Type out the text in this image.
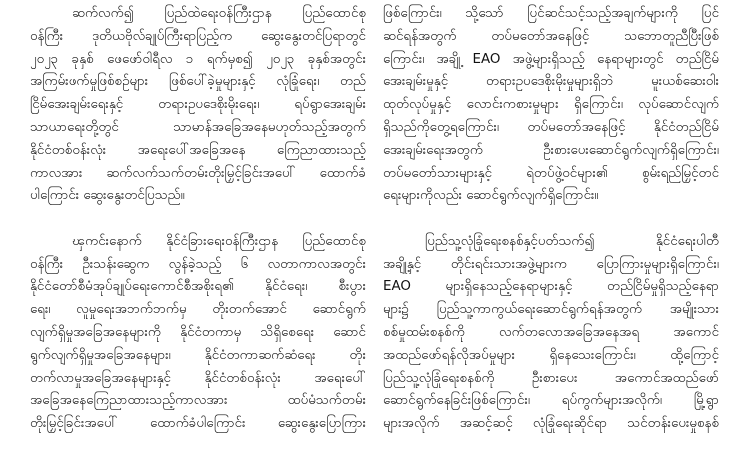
ဆက်လက်၍ ပြည်ထဲရေးဝန်ကြီးဌာန ပြည်ထောင်စု
ဝန်ကြီး ဒုတိယဗိုလ်ချုပ်ကြီးရာပြည့်က ဆွေးနွေးတင်ပြရာတွင်
၂၀၂၃ ခုနှစ် ဖေဖော်ဝါရီလ ၁ ရက်မှစ၍ ၂၀၂၃ ခုနှစ်အတွင်း
အကြမ်းဖက်မှုဖြစ်စဉ်များ ဖြစ်ပေါ်ခဲ့မှုများနှင့် လုံခြုံရေး၊ တည်
ငြိမ်အေးချမ်းရေးနှင့် တရားဥပဒေစိုးမိုးရေး၊ ရပ်ရွာအေးချမ်း
သာယာရေးတို့တွင် သာမာန်အခြေအနေမဟုတ်သည့်အတွက်
နိုင်ငံတစ်ဝန်းလုံး အရေးပေါ်အခြေအနေ ကြေညာထားသည့်
ကာလအား ဆက်လက်သက်တမ်းတိုးမြှင့်ခြင်းအပေါ် ထောက်ခံ
ပါကြောင်း ဆွေးနွေးတင်ပြသည်။
ၾကင်းနောက် နိုင်ငံခြားရေးဝန်ကြီးဌာန ပြည်ထောင်စု
ဝန်ကြီး ဦးသန်းဆွေက လွန်ခဲ့သည့် ၆ လတာကာလအတွင်း
နိုင်ငံတော်စီမံအုပ်ချုပ်ရေးကောင်စီအစိုးရ၏ နိုင်ငံရေး၊ စီးပွား
ရေး၊ လူမှုရေးအဘက်ဘက်မှ တိုးတက်အောင် ဆောင်ရွက်
လျက်ရှိမှုအခြေအနေများကို နိုင်ငံတကာမှ သိရှိစေရေး ဆောင်
ရွက်လျက်ရှိမှုအခြေအနေများ၊ နိုင်ငံတကာဆက်ဆံရေး တိုး
တက်လာမှုအခြေအနေများနှင့် နိုင်ငံတစ်ဝန်းလုံး အရေးပေါ်
အခြေအနေကြေညာထားသည့်ကာလအား ထပ်မံသက်တမ်း
တိုးမြှင့်ခြင်းအပေါ် ထောက်ခံပါကြောင်း ဆွေးနွေးပြောကြား
ဖြစ်ကြောင်း၊ သို့သော် ပြင်ဆင်သင့်သည့်အချက်များကို ပြင်
ဆင်ရန်အတွက် တပ်မတော်အနေဖြင့် သဘောတူညီပြီးဖြစ်
ကြောင်း၊ အချို့ EAO အဖွဲ့များရှိသည့် နေရာများတွင် တည်ငြိမ်
အေးချမ်းမှုနှင့် တရားဥပဒေစိုးမိုးမှုများရှိဘဲ မူးယစ်ဆေးဝါး
ထုတ်လုပ်မှုနှင့် လောင်းကစားမှုများ ရှိကြောင်း၊ လုပ်ဆောင်လျက်
ရှိသည်ကိုတွေ့ရကြောင်း၊ တပ်မတော်အနေဖြင့် နိုင်ငံတည်ငြိမ်
အေးချမ်းရေးအတွက် ဦးစားပေးဆောင်ရွက်လျက်ရှိကြောင်း၊
တပ်မတော်သားများနှင့် ရဲတပ်ဖွဲ့ဝင်များ၏ စွမ်းရည်မြှင့်တင်
ရေးများကိုလည်း ဆောင်ရွက်လျက်ရှိကြောင်း။
ပြည်သူ့လုံခြုံရေးစနစ်နှင့်ပတ်သက်၍ နိုင်ငံရေးပါတီ
အချို့နှင့် တိုင်းရင်းသားအဖွဲ့များက ပြောကြားမှုများရှိကြောင်း၊
EAO များရှိနေသည့်နေရာများနှင့် တည်ငြိမ်မှုရှိသည့်နေရာ
များ၌ ပြည်သူ့ကာကွယ်ရေးဆောင်ရွက်ရန်အတွက် အမျိုးသား
စစ်မှုထမ်းစနစ်ကို လက်တလောအခြေအနေအရ အကောင်
အထည်ဖော်ရန်လိုအပ်မှုများ ရှိနေသေးကြောင်း၊ ထို့ကြောင့်
ပြည်သူ့လုံခြုံရေးစနစ်ကို ဦးစားပေး အကောင်အထည်ဖော်
ဆောင်ရွက်နေခြင်းဖြစ်ကြောင်း၊ ရပ်ကွက်များအလိုက်၊ မြို့ရွာ
များအလိုက် အဆင့်ဆင့် လုံခြုံရေးဆိုင်ရာ သင်တန်းပေးမှုစနစ်
